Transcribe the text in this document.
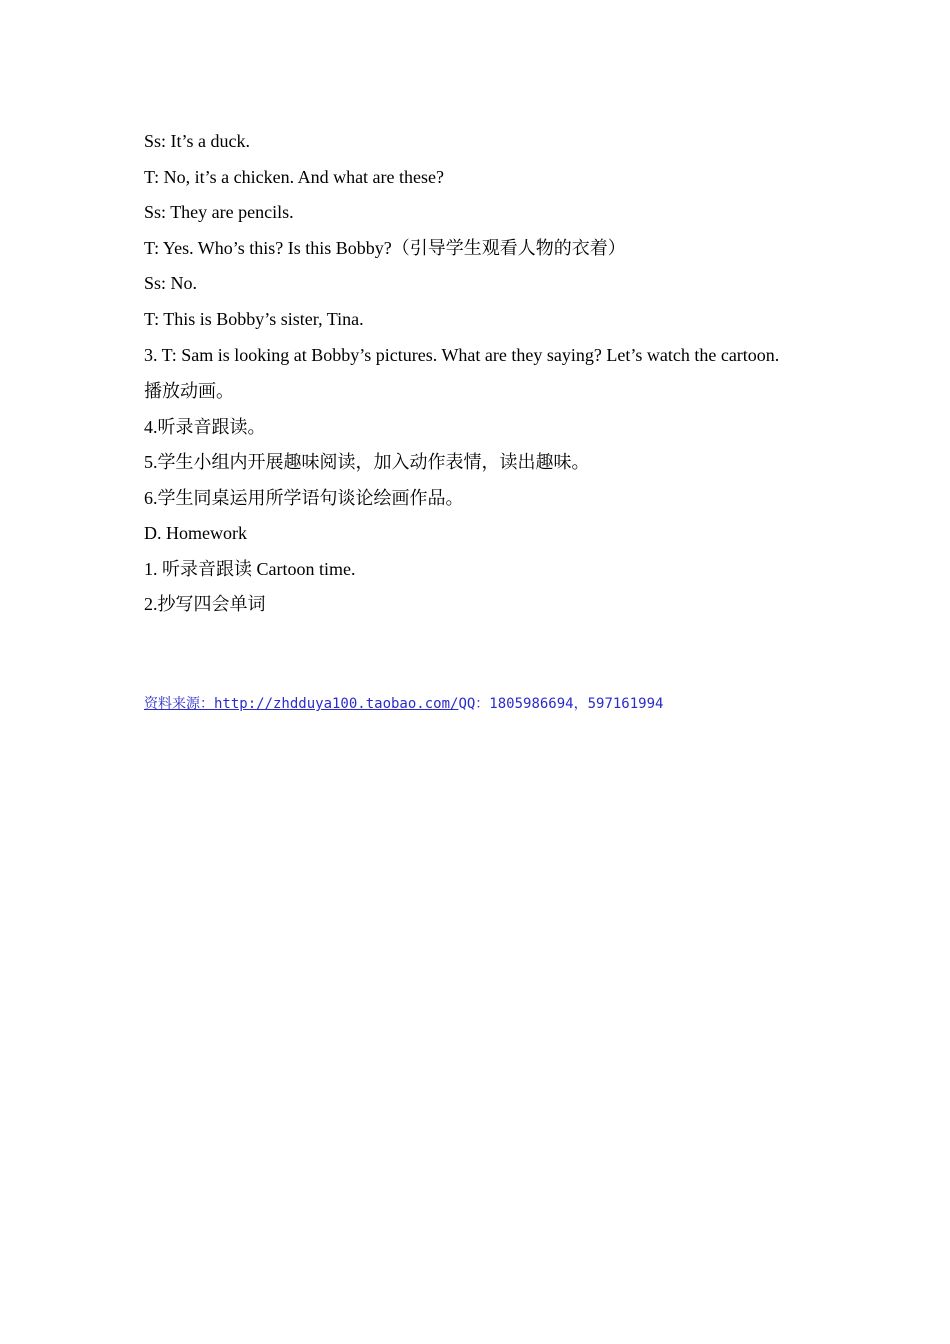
Ss: It’s a duck.
T: No, it’s a chicken. And what are these?
Ss: They are pencils.
T: Yes. Who’s this? Is this Bobby?（引导学生观看人物的衣着）
Ss: No.
T: This is Bobby’s sister, Tina.
3. T: Sam is looking at Bobby’s pictures. What are they saying? Let’s watch the cartoon.
播放动画。
4.听录音跟读。
5.学生小组内开展趣味阅读，加入动作表情，读出趣味。
6.学生同桌运用所学语句谈论绘画作品。
D. Homework
1. 听录音跟读 Cartoon time.
2.抄写四会单词
资料来源：http://zhdduya100.taobao.com/QQ：1805986694，597161994
